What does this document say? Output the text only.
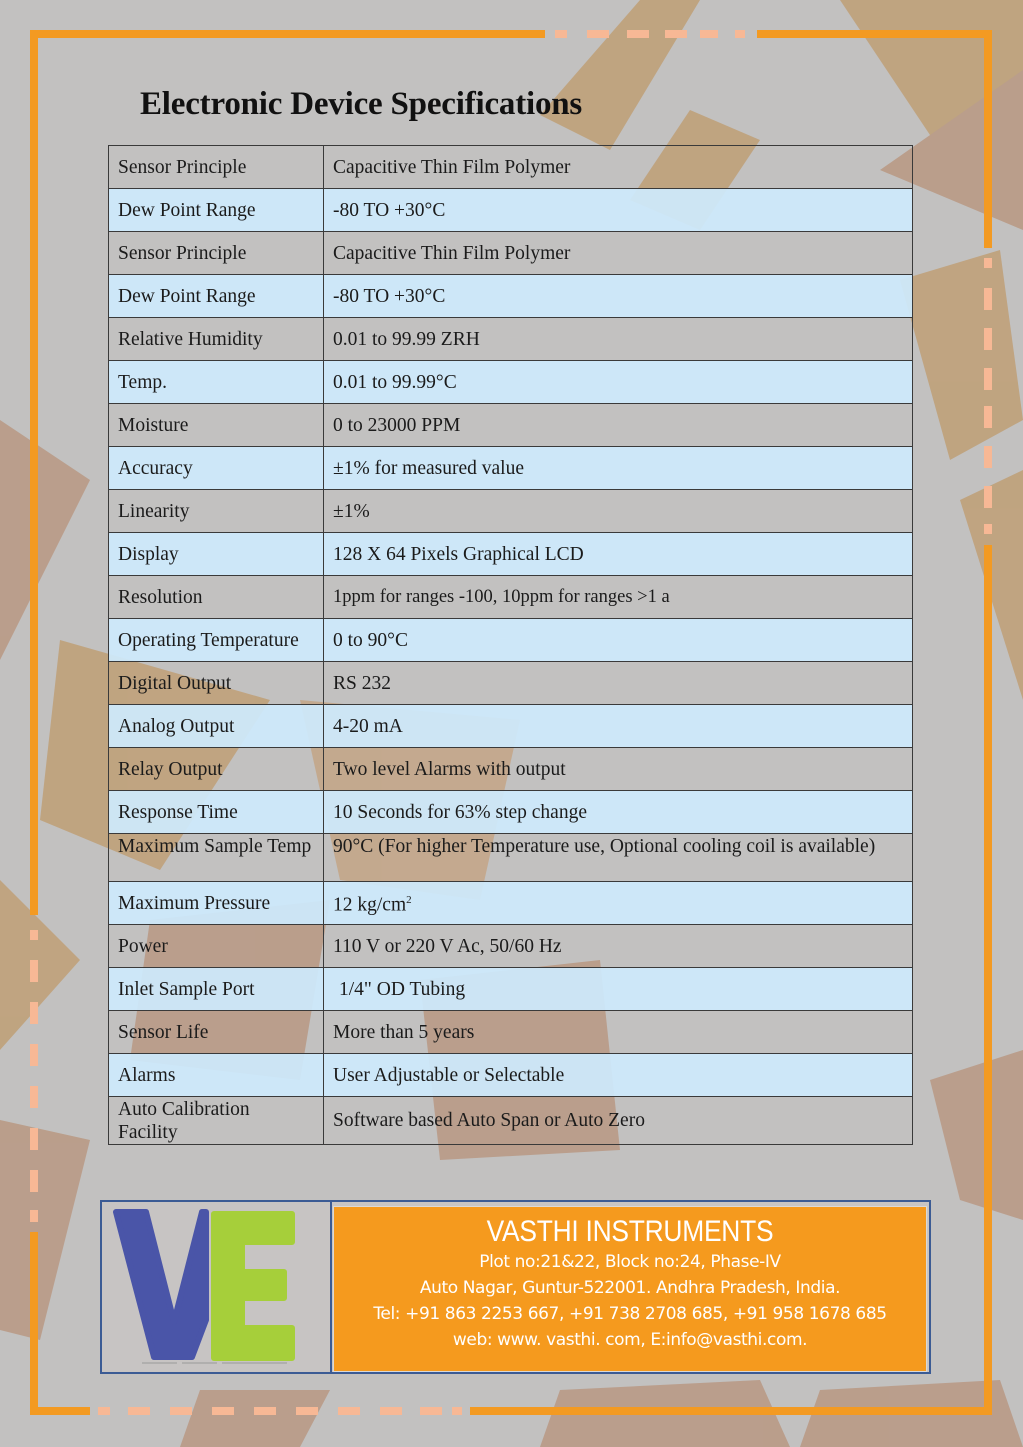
Electronic Device Specifications
Sensor Principle	Capacitive Thin Film Polymer
Dew Point Range	-80 TO +30°C
Sensor Principle	Capacitive Thin Film Polymer
Dew Point Range	-80 TO +30°C
Relative Humidity	0.01 to 99.99 ZRH
Temp.	0.01 to 99.99°C
Moisture	0 to 23000 PPM
Accuracy	±1% for measured value
Linearity	±1%
Display	128 X 64 Pixels Graphical LCD
Resolution	1ppm for ranges -100, 10ppm for ranges >1 a
Operating Temperature	0 to 90°C
Digital Output	RS 232
Analog Output	4-20 mA
Relay Output	Two level Alarms with output
Response Time	10 Seconds for 63% step change
Maximum Sample Temp	90°C (For higher Temperature use, Optional cooling coil is available)
Maximum Pressure	12 $kg/cm^2$
Power	110 V or 220 V Ac, 50/60 Hz
Inlet Sample Port	1/4" OD Tubing
Sensor Life	More than 5 years
Alarms	User Adjustable or Selectable
Auto Calibration Facility	Software based Auto Span or Auto Zero
VASTHI INSTRUMENTS
Plot no:21&22, Block no:24, Phase-IV
Auto Nagar, Guntur-522001. Andhra Pradesh, India.
Tel: +91 863 2253 667, +91 738 2708 685, +91 958 1678 685
web: www. vasthi. com, E:info@vasthi.com.
